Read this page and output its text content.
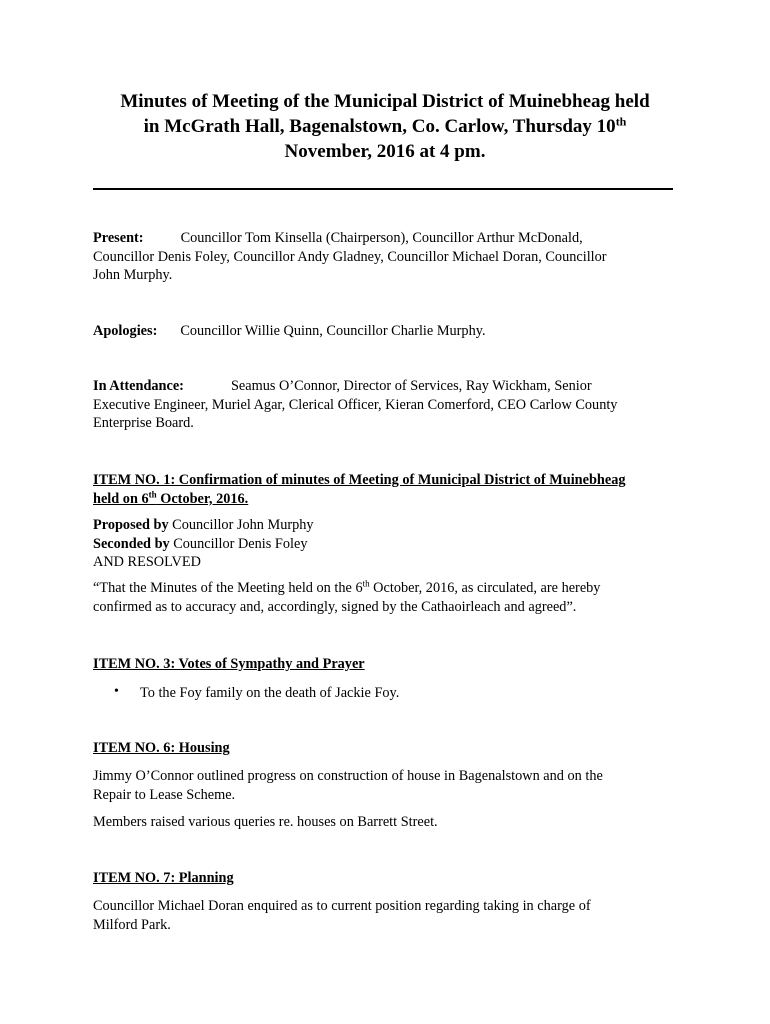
Minutes of Meeting of the Municipal District of Muinebheag held
in McGrath Hall, Bagenalstown, Co. Carlow, Thursday 10th
November, 2016 at 4 pm.
Present:	Councillor Tom Kinsella (Chairperson), Councillor Arthur McDonald,
Councillor Denis Foley, Councillor Andy Gladney, Councillor Michael Doran, Councillor
John Murphy.
Apologies: Councillor Willie Quinn, Councillor Charlie Murphy.
In Attendance:	Seamus O’Connor, Director of Services, Ray Wickham, Senior
Executive Engineer, Muriel Agar, Clerical Officer, Kieran Comerford, CEO Carlow County
Enterprise Board.
ITEM NO. 1: Confirmation of minutes of Meeting of Municipal District of Muinebheag
held on 6th October, 2016.
Proposed by Councillor John Murphy
Seconded by Councillor Denis Foley
AND RESOLVED
“That the Minutes of the Meeting held on the 6th October, 2016, as circulated, are hereby
confirmed as to accuracy and, accordingly, signed by the Cathaoirleach and agreed”.
ITEM NO. 3: Votes of Sympathy and Prayer
• To the Foy family on the death of Jackie Foy.
ITEM NO. 6: Housing
Jimmy O’Connor outlined progress on construction of house in Bagenalstown and on the
Repair to Lease Scheme.
Members raised various queries re. houses on Barrett Street.
ITEM NO. 7: Planning
Councillor Michael Doran enquired as to current position regarding taking in charge of
Milford Park.
